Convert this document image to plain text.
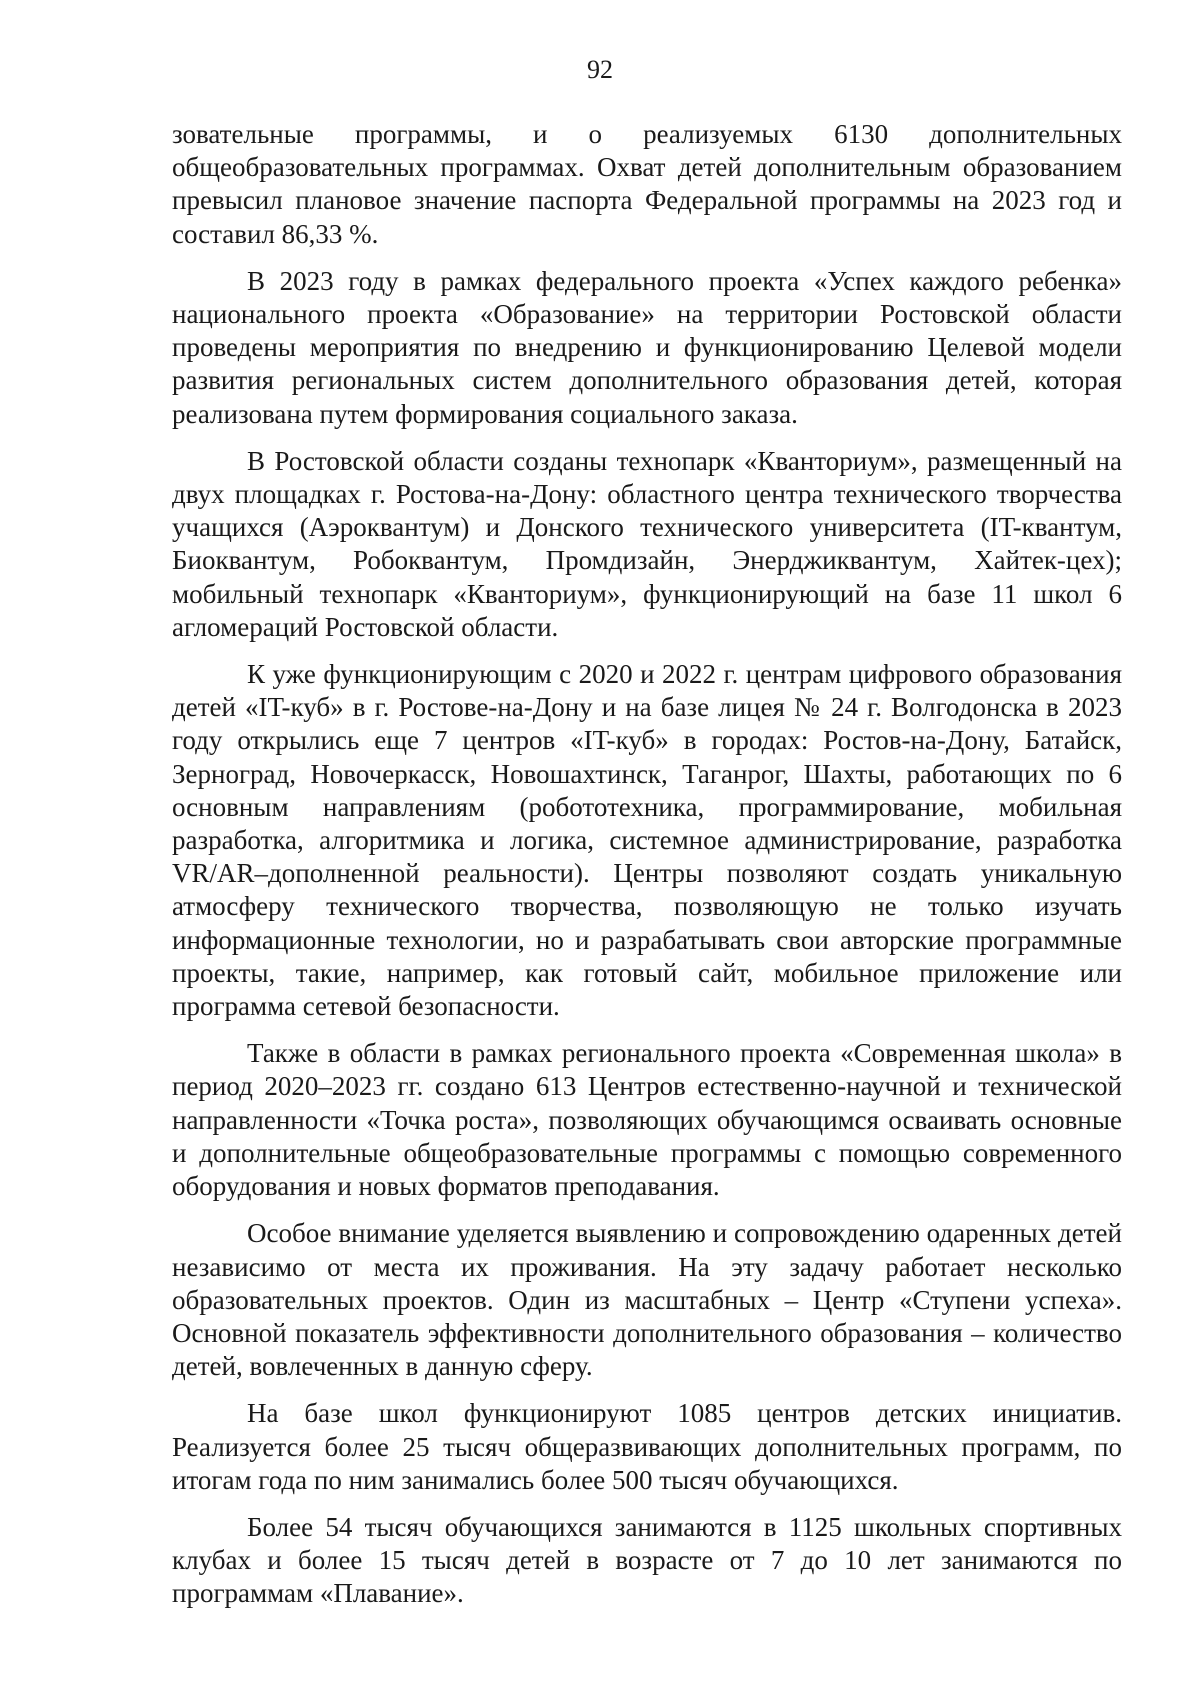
92

зовательные программы, и о реализуемых 6130 дополнительных общеобразовательных программах. Охват детей дополнительным образованием превысил плановое значение паспорта Федеральной программы на 2023 год и составил 86,33 %.

В 2023 году в рамках федерального проекта «Успех каждого ребенка» национального проекта «Образование» на территории Ростовской области проведены мероприятия по внедрению и функционированию Целевой модели развития региональных систем дополнительного образования детей, которая реализована путем формирования социального заказа.

В Ростовской области созданы технопарк «Кванториум», размещенный на двух площадках г. Ростова-на-Дону: областного центра технического творчества учащихся (Аэроквантум) и Донского технического университета (IT-квантум, Биоквантум, Робоквантум, Промдизайн, Энерджиквантум, Хайтек-цех); мобильный технопарк «Кванториум», функционирующий на базе 11 школ 6 агломераций Ростовской области.

К уже функционирующим с 2020 и 2022 г. центрам цифрового образования детей «IT-куб» в г. Ростове-на-Дону и на базе лицея № 24 г. Волгодонска в 2023 году открылись еще 7 центров «IT-куб» в городах: Ростов-на-Дону, Батайск, Зерноград, Новочеркасск, Новошахтинск, Таганрог, Шахты, работающих по 6 основным направлениям (робототехника, программирование, мобильная разработка, алгоритмика и логика, системное администрирование, разработка VR/AR–дополненной реальности). Центры позволяют создать уникальную атмосферу технического творчества, позволяющую не только изучать информационные технологии, но и разрабатывать свои авторские программные проекты, такие, например, как готовый сайт, мобильное приложение или программа сетевой безопасности.

Также в области в рамках регионального проекта «Современная школа» в период 2020–2023 гг. создано 613 Центров естественно-научной и технической направленности «Точка роста», позволяющих обучающимся осваивать основные и дополнительные общеобразовательные программы с помощью современного оборудования и новых форматов преподавания.

Особое внимание уделяется выявлению и сопровождению одаренных детей независимо от места их проживания. На эту задачу работает несколько образовательных проектов. Один из масштабных – Центр «Ступени успеха». Основной показатель эффективности дополнительного образования – количество детей, вовлеченных в данную сферу.

На базе школ функционируют 1085 центров детских инициатив. Реализуется более 25 тысяч общеразвивающих дополнительных программ, по итогам года по ним занимались более 500 тысяч обучающихся.

Более 54 тысяч обучающихся занимаются в 1125 школьных спортивных клубах и более 15 тысяч детей в возрасте от 7 до 10 лет занимаются по программам «Плавание».
